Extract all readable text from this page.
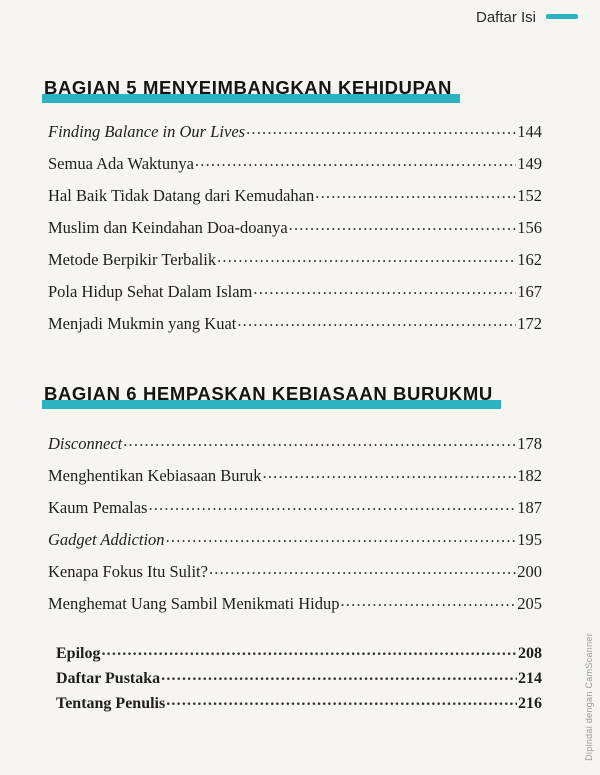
Daftar Isi
BAGIAN 5 MENYEIMBANGKAN KEHIDUPAN
Finding Balance in Our Lives .....	144
Semua Ada Waktunya .....	149
Hal Baik Tidak Datang dari Kemudahan .....	152
Muslim dan Keindahan Doa-doanya .....	156
Metode Berpikir Terbalik .....	162
Pola Hidup Sehat Dalam Islam .....	167
Menjadi Mukmin yang Kuat .....	172
BAGIAN 6 HEMPASKAN KEBIASAAN BURUKMU
Disconnect .....	178
Menghentikan Kebiasaan Buruk .....	182
Kaum Pemalas .....	187
Gadget Addiction .....	195
Kenapa Fokus Itu Sulit? .....	200
Menghemat Uang Sambil Menikmati Hidup .....	205
Epilog .....	208
Daftar Pustaka .....	214
Tentang Penulis .....	216	Dipindai dengan CamScanner
